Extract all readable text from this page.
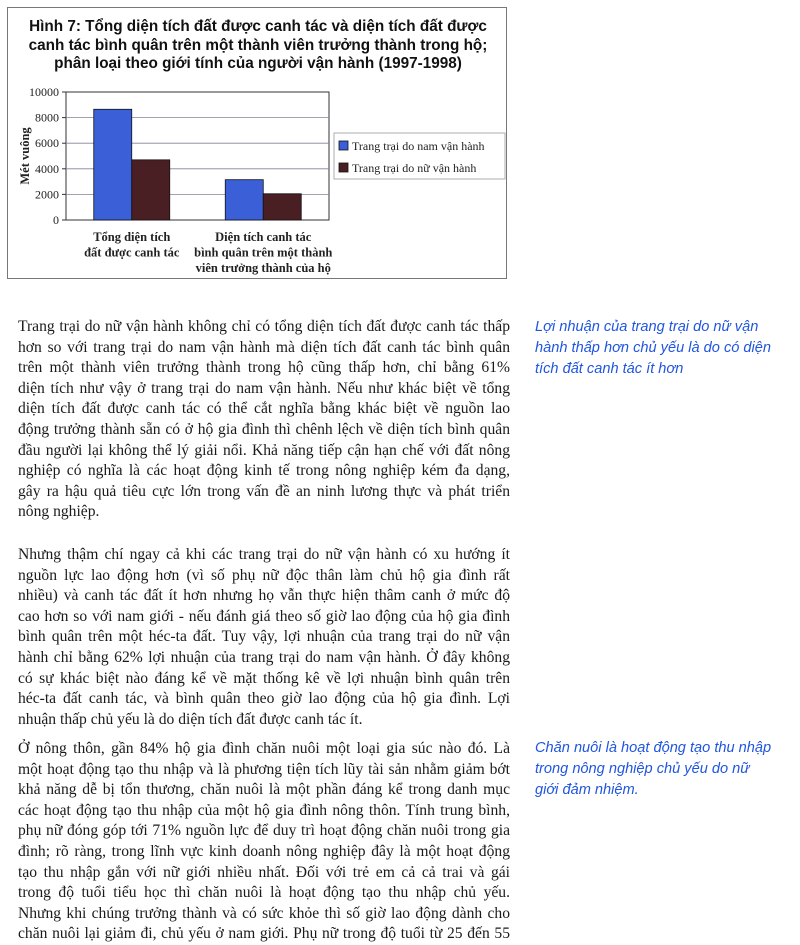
Hình 7: Tổng diện tích đất được canh tác và diện tích đất được
canh tác bình quân trên một thành viên trưởng thành trong hộ;
phân loại theo giới tính của người vận hành (1997-1998)
0
2000
4000
6000
8000
10000
Mét vuông
Tổng diện tích
đất được canh tác
Diện tích canh tác
bình quân trên một thành
viên trưởng thành của hộ
Trang trại do nam vận hành
Trang trại do nữ vận hành
Trang trại do nữ vận hành không chỉ có tổng diện tích đất được canh tác thấp
hơn so với trang trại do nam vận hành mà diện tích đất canh tác bình quân
trên một thành viên trưởng thành trong hộ cũng thấp hơn, chỉ bằng 61%
diện tích như vậy ở trang trại do nam vận hành. Nếu như khác biệt về tổng
diện tích đất được canh tác có thể cắt nghĩa bằng khác biệt về nguồn lao
động trưởng thành sẵn có ở hộ gia đình thì chênh lệch về diện tích bình quân
đầu người lại không thể lý giải nổi. Khả năng tiếp cận hạn chế với đất nông
nghiệp có nghĩa là các hoạt động kinh tế trong nông nghiệp kém đa dạng,
gây ra hậu quả tiêu cực lớn trong vấn đề an ninh lương thực và phát triển
nông nghiệp.
Nhưng thậm chí ngay cả khi các trang trại do nữ vận hành có xu hướng ít
nguồn lực lao động hơn (vì số phụ nữ độc thân làm chủ hộ gia đình rất
nhiều) và canh tác đất ít hơn nhưng họ vẫn thực hiện thâm canh ở mức độ
cao hơn so với nam giới - nếu đánh giá theo số giờ lao động của hộ gia đình
bình quân trên một héc-ta đất. Tuy vậy, lợi nhuận của trang trại do nữ vận
hành chỉ bằng 62% lợi nhuận của trang trại do nam vận hành. Ở đây không
có sự khác biệt nào đáng kể về mặt thống kê về lợi nhuận bình quân trên
héc-ta đất canh tác, và bình quân theo giờ lao động của hộ gia đình. Lợi
nhuận thấp chủ yếu là do diện tích đất được canh tác ít.
Ở nông thôn, gần 84% hộ gia đình chăn nuôi một loại gia súc nào đó. Là
một hoạt động tạo thu nhập và là phương tiện tích lũy tài sản nhằm giảm bớt
khả năng dễ bị tổn thương, chăn nuôi là một phần đáng kể trong danh mục
các hoạt động tạo thu nhập của một hộ gia đình nông thôn. Tính trung bình,
phụ nữ đóng góp tới 71% nguồn lực để duy trì hoạt động chăn nuôi trong gia
đình; rõ ràng, trong lĩnh vực kinh doanh nông nghiệp đây là một hoạt động
tạo thu nhập gắn với nữ giới nhiều nhất. Đối với trẻ em cả cả trai và gái
trong độ tuổi tiểu học thì chăn nuôi là hoạt động tạo thu nhập chủ yếu.
Nhưng khi chúng trưởng thành và có sức khỏe thì số giờ lao động dành cho
chăn nuôi lại giảm đi, chủ yếu ở nam giới. Phụ nữ trong độ tuổi từ 25 đến 55
Lợi nhuận của trang trại do nữ vận
hành thấp hơn chủ yếu là do có diện
tích đất canh tác ít hơn
Chăn nuôi là hoạt động tạo thu nhập
trong nông nghiệp chủ yếu do nữ
giới đảm nhiệm.
